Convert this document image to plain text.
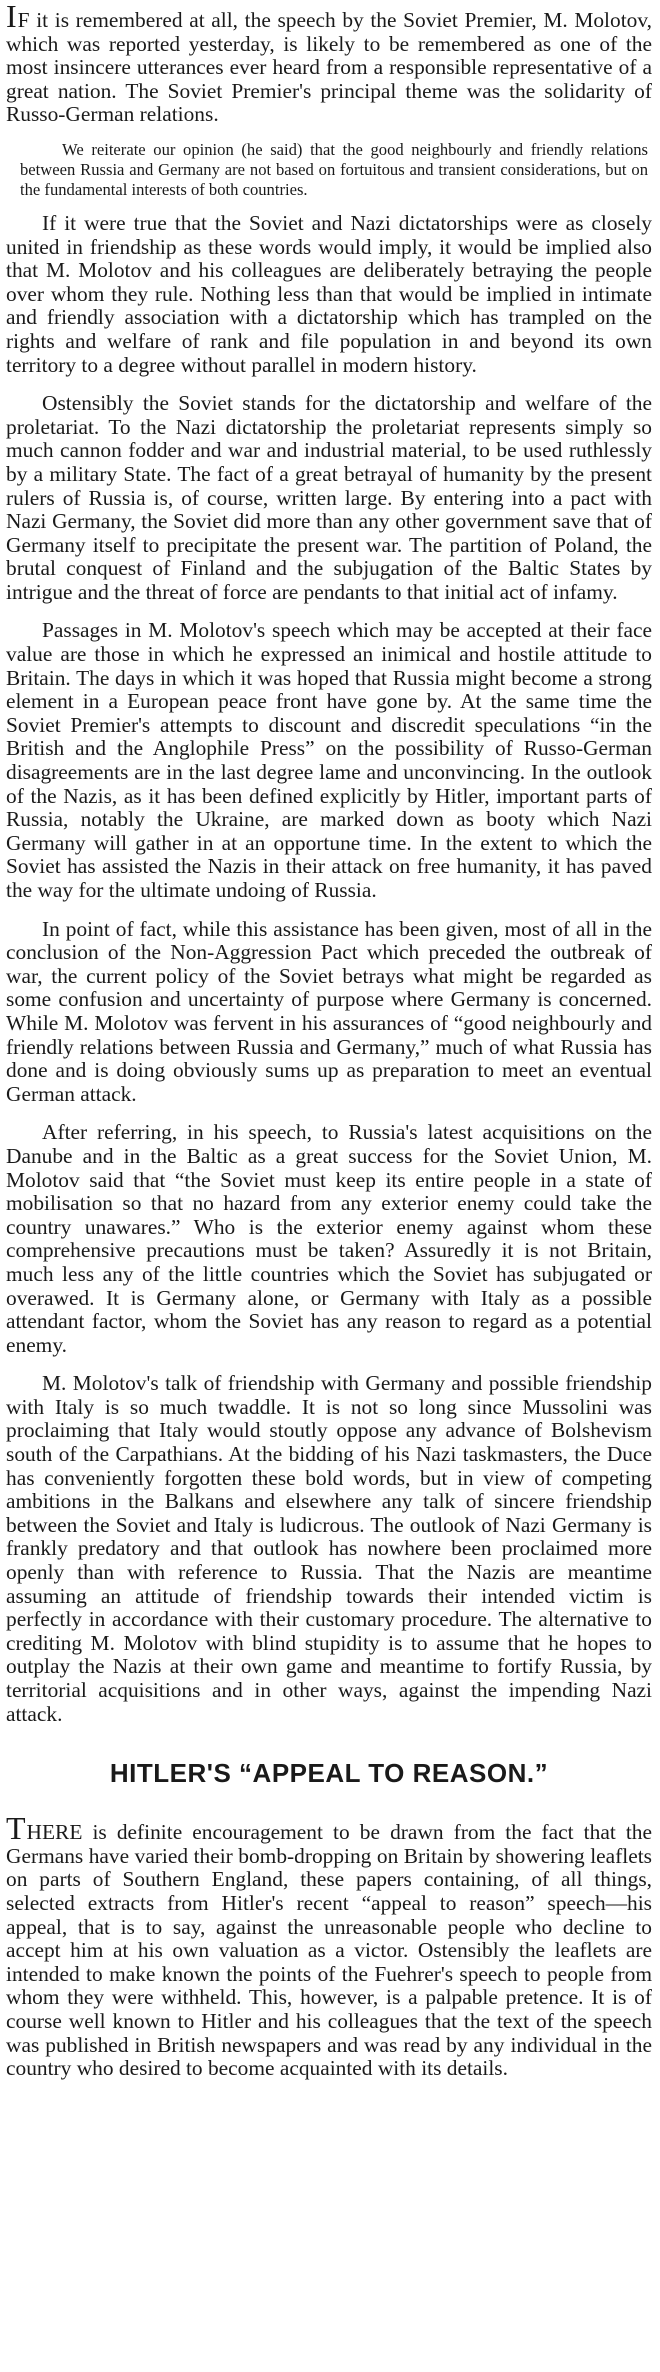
IF it is remembered at all, the speech by the Soviet Premier, M. Molotov, which was reported yesterday, is likely to be remembered as one of the most insincere utterances ever heard from a responsible representative of a great nation. The Soviet Premier's principal theme was the solidarity of Russo-German relations.

We reiterate our opinion (he said) that the good neighbourly and friendly relations between Russia and Germany are not based on fortuitous and transient considerations, but on the fundamental interests of both countries.

If it were true that the Soviet and Nazi dictatorships were as closely united in friendship as these words would imply, it would be implied also that M. Molotov and his colleagues are deliberately betraying the people over whom they rule. Nothing less than that would be implied in intimate and friendly association with a dictatorship which has trampled on the rights and welfare of rank and file population in and beyond its own territory to a degree without parallel in modern history.

Ostensibly the Soviet stands for the dictatorship and welfare of the proletariat. To the Nazi dictatorship the proletariat represents simply so much cannon fodder and war and industrial material, to be used ruthlessly by a military State. The fact of a great betrayal of humanity by the present rulers of Russia is, of course, written large. By entering into a pact with Nazi Germany, the Soviet did more than any other government save that of Germany itself to precipitate the present war. The partition of Poland, the brutal conquest of Finland and the subjugation of the Baltic States by intrigue and the threat of force are pendants to that initial act of infamy.

Passages in M. Molotov's speech which may be accepted at their face value are those in which he expressed an inimical and hostile attitude to Britain. The days in which it was hoped that Russia might become a strong element in a European peace front have gone by. At the same time the Soviet Premier's attempts to discount and discredit speculations “in the British and the Anglophile Press” on the possibility of Russo-German disagreements are in the last degree lame and unconvincing. In the outlook of the Nazis, as it has been defined explicitly by Hitler, important parts of Russia, notably the Ukraine, are marked down as booty which Nazi Germany will gather in at an opportune time. In the extent to which the Soviet has assisted the Nazis in their attack on free humanity, it has paved the way for the ultimate undoing of Russia.

In point of fact, while this assistance has been given, most of all in the conclusion of the Non-Aggression Pact which preceded the outbreak of war, the current policy of the Soviet betrays what might be regarded as some confusion and uncertainty of purpose where Germany is concerned. While M. Molotov was fervent in his assurances of “good neighbourly and friendly relations between Russia and Germany,” much of what Russia has done and is doing obviously sums up as preparation to meet an eventual German attack.

After referring, in his speech, to Russia's latest acquisitions on the Danube and in the Baltic as a great success for the Soviet Union, M. Molotov said that “the Soviet must keep its entire people in a state of mobilisation so that no hazard from any exterior enemy could take the country unawares.” Who is the exterior enemy against whom these comprehensive precautions must be taken? Assuredly it is not Britain, much less any of the little countries which the Soviet has subjugated or overawed. It is Germany alone, or Germany with Italy as a possible attendant factor, whom the Soviet has any reason to regard as a potential enemy.

M. Molotov's talk of friendship with Germany and possible friendship with Italy is so much twaddle. It is not so long since Mussolini was proclaiming that Italy would stoutly oppose any advance of Bolshevism south of the Carpathians. At the bidding of his Nazi taskmasters, the Duce has conveniently forgotten these bold words, but in view of competing ambitions in the Balkans and elsewhere any talk of sincere friendship between the Soviet and Italy is ludicrous. The outlook of Nazi Germany is frankly predatory and that outlook has nowhere been proclaimed more openly than with reference to Russia. That the Nazis are meantime assuming an attitude of friendship towards their intended victim is perfectly in accordance with their customary procedure. The alternative to crediting M. Molotov with blind stupidity is to assume that he hopes to outplay the Nazis at their own game and meantime to fortify Russia, by territorial acquisitions and in other ways, against the impending Nazi attack.

HITLER'S “APPEAL TO REASON.”

THERE is definite encouragement to be drawn from the fact that the Germans have varied their bomb-dropping on Britain by showering leaflets on parts of Southern England, these papers containing, of all things, selected extracts from Hitler's recent “appeal to reason” speech—his appeal, that is to say, against the unreasonable people who decline to accept him at his own valuation as a victor. Ostensibly the leaflets are intended to make known the points of the Fuehrer's speech to people from whom they were withheld. This, however, is a palpable pretence. It is of course well known to Hitler and his colleagues that the text of the speech was published in British newspapers and was read by any individual in the country who desired to become acquainted with its details.
